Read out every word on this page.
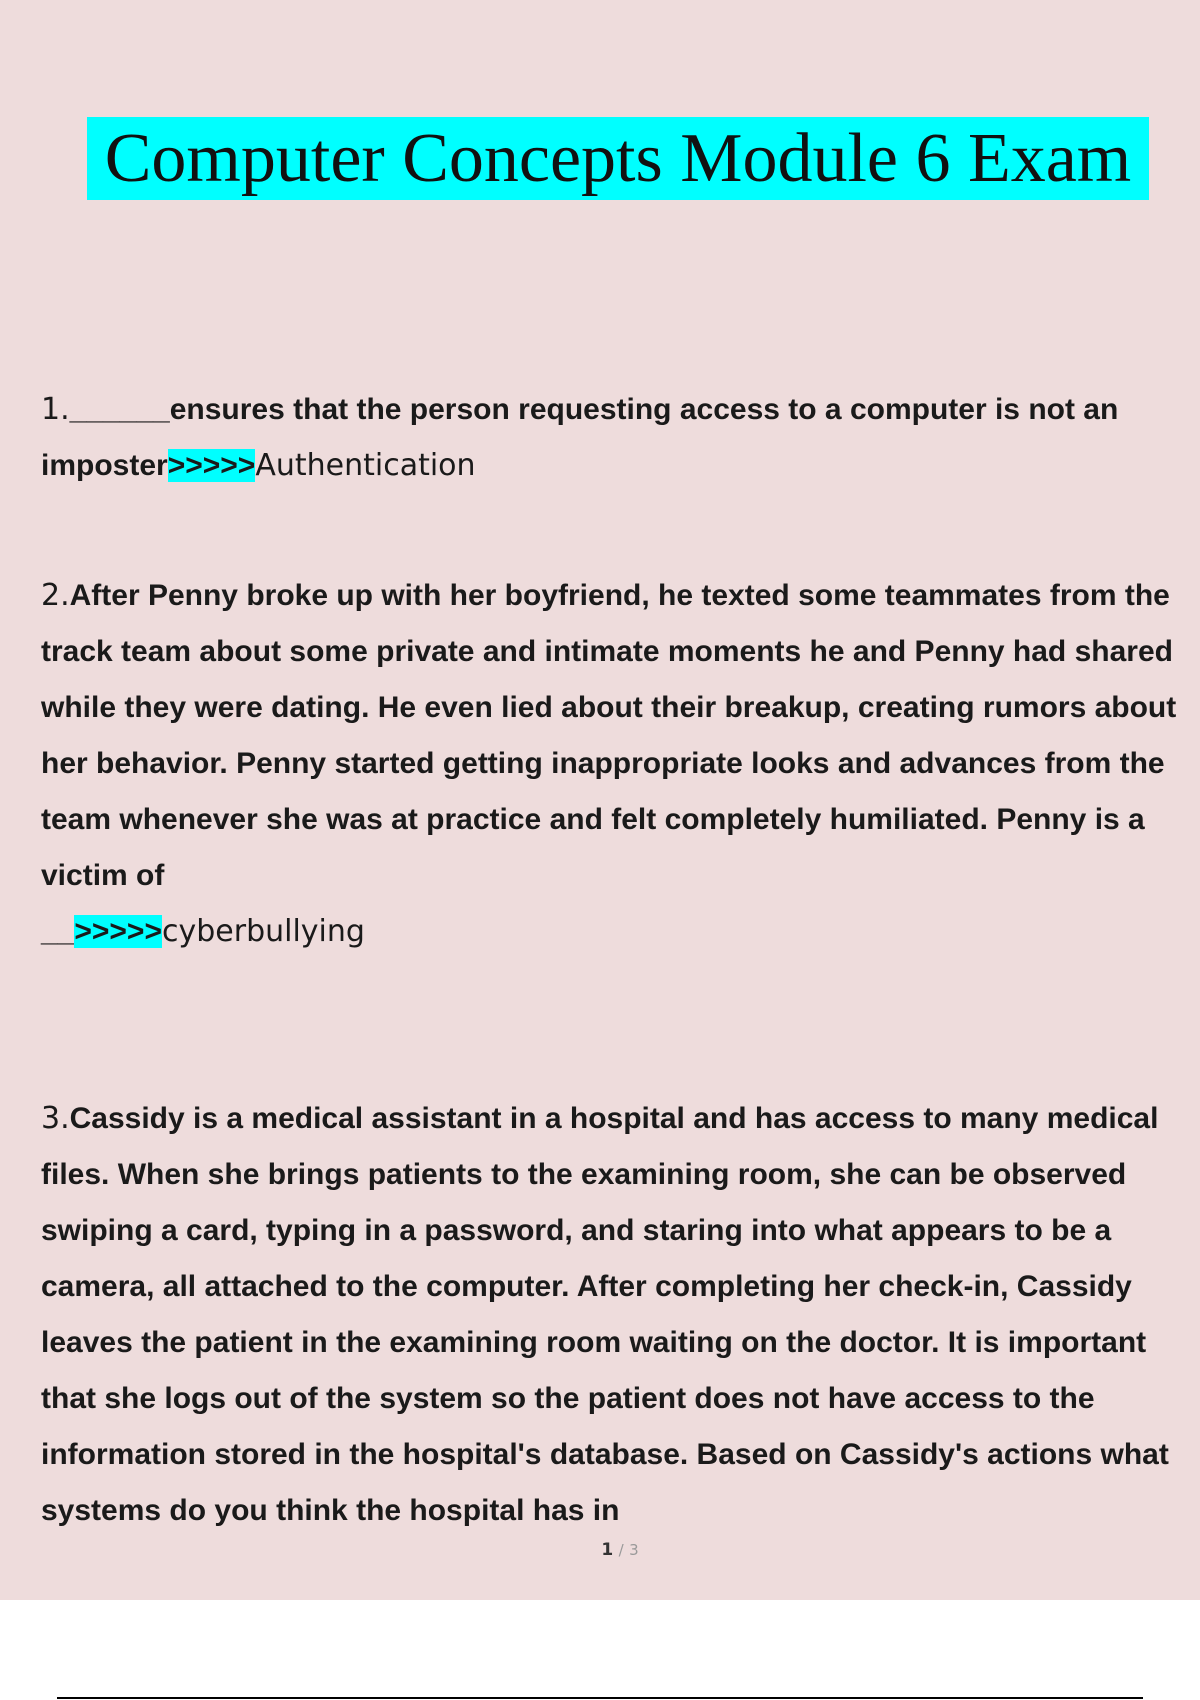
Computer Concepts Module 6 Exam

1.______ensures that the person requesting access to a computer is not an imposter>>>>>Authentication

2.After Penny broke up with her boyfriend, he texted some teammates from the track team about some private and intimate moments he and Penny had shared while they were dating. He even lied about their breakup, creating rumors about her behavior. Penny started getting inappropriate looks and advances from the team whenever she was at practice and felt completely humiliated. Penny is a victim of
__>>>>>cyberbullying

3.Cassidy is a medical assistant in a hospital and has access to many medical files. When she brings patients to the examining room, she can be observed swiping a card, typing in a password, and staring into what appears to be a camera, all attached to the computer. After completing her check-in, Cassidy leaves the patient in the examining room waiting on the doctor. It is important that she logs out of the system so the patient does not have access to the information stored in the hospital's database. Based on Cassidy's actions what systems do you think the hospital has in

1 / 3
